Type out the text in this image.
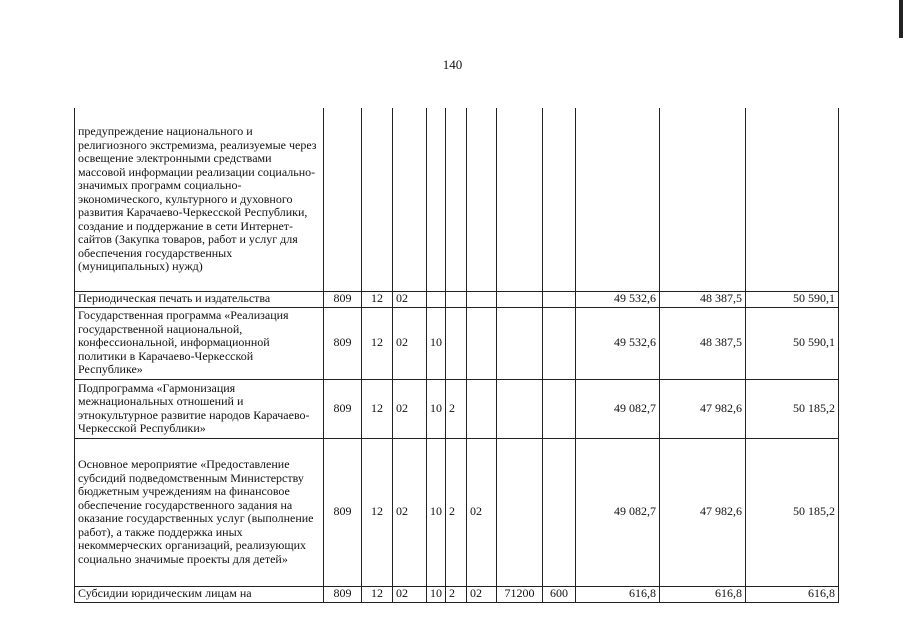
140
предупреждение национального и религиозного экстремизма, реализуемые через освещение электронными средствами массовой информации реализации социально-значимых программ социально-экономического, культурного и духовного развития Карачаево-Черкесской Республики, создание и поддержание в сети Интернет-сайтов (Закупка товаров, работ и услуг для обеспечения государственных (муниципальных) нужд)											
Периодическая печать и издательства	809	12	02						49 532,6	48 387,5	50 590,1
Государственная программа «Реализация государственной национальной, конфессиональной, информационной политики в Карачаево-Черкесской Республике»	809	12	02	10					49 532,6	48 387,5	50 590,1
Подпрограмма «Гармонизация межнациональных отношений и этнокультурное развитие народов Карачаево-Черкесской Республики»	809	12	02	10	2				49 082,7	47 982,6	50 185,2
Основное мероприятие «Предоставление субсидий подведомственным Министерству бюджетным учреждениям на финансовое обеспечение государственного задания на оказание государственных услуг (выполнение работ), а также поддержка иных некоммерческих организаций, реализующих социально значимые проекты для детей»	809	12	02	10	2	02			49 082,7	47 982,6	50 185,2
Субсидии юридическим лицам на	809	12	02	10	2	02	71200	600	616,8	616,8	616,8
